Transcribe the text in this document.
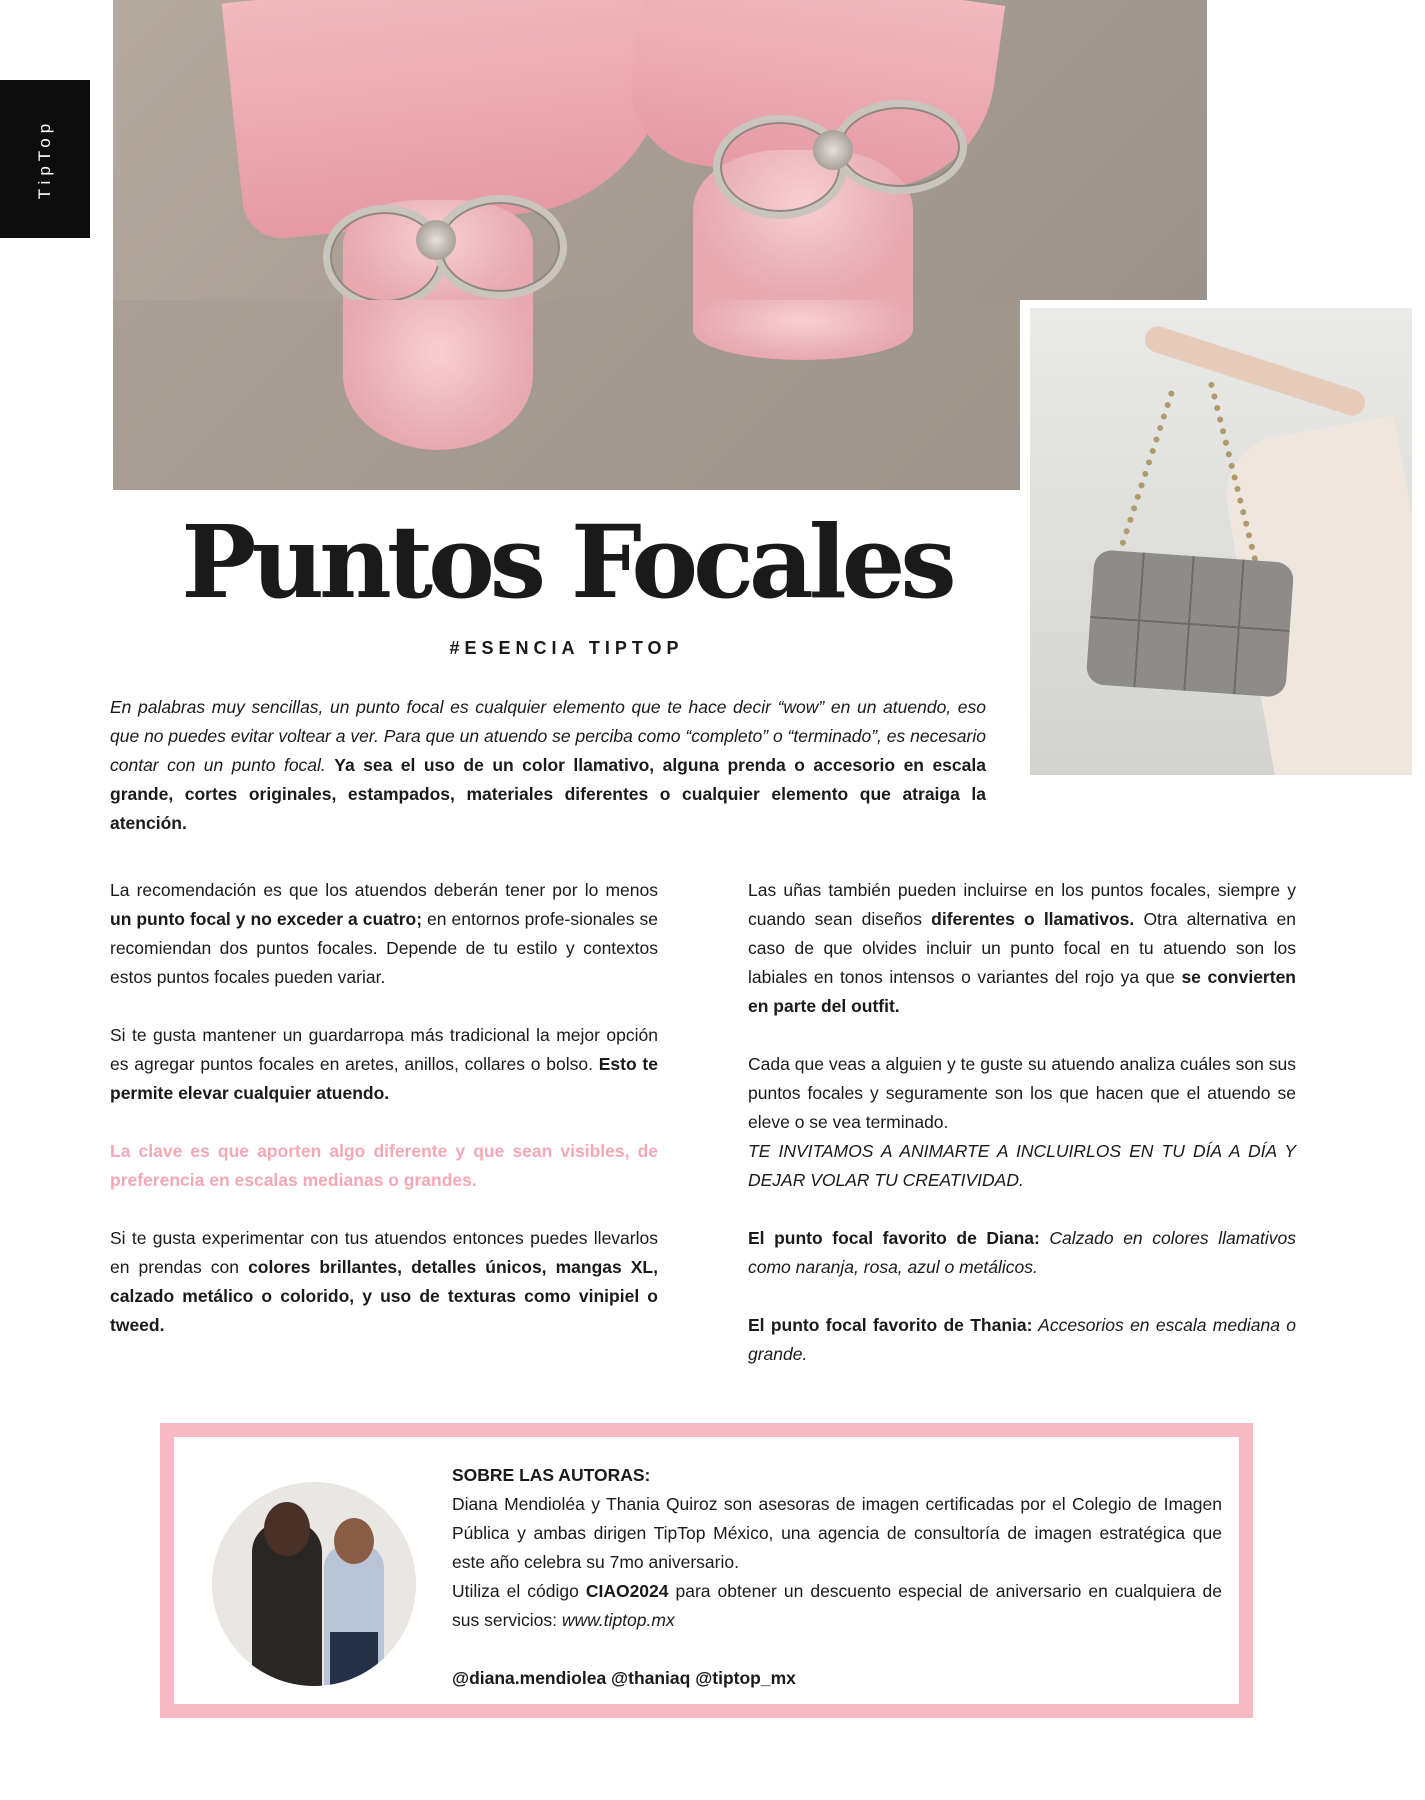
TipTop
Puntos Focales
#ESENCIA TIPTOP

En palabras muy sencillas, un punto focal es cualquier elemento que te hace decir “wow” en un atuendo, eso que no puedes evitar voltear a ver. Para que un atuendo se perciba como “completo” o “terminado”, es necesario contar con un punto focal. Ya sea el uso de un color llamativo, alguna prenda o accesorio en escala grande, cortes originales, estampados, materiales diferentes o cualquier elemento que atraiga la atención.

La recomendación es que los atuendos deberán tener por lo menos un punto focal y no exceder a cuatro; en entornos profe-sionales se recomiendan dos puntos focales. Depende de tu estilo y contextos estos puntos focales pueden variar.

Si te gusta mantener un guardarropa más tradicional la mejor opción es agregar puntos focales en aretes, anillos, collares o bolso. Esto te permite elevar cualquier atuendo.

La clave es que aporten algo diferente y que sean visibles, de preferencia en escalas medianas o grandes.

Si te gusta experimentar con tus atuendos entonces puedes llevarlos en prendas con colores brillantes, detalles únicos, mangas XL, calzado metálico o colorido, y uso de texturas como vinipiel o tweed.

Las uñas también pueden incluirse en los puntos focales, siempre y cuando sean diseños diferentes o llamativos. Otra alternativa en caso de que olvides incluir un punto focal en tu atuendo son los labiales en tonos intensos o variantes del rojo ya que se convierten en parte del outfit.

Cada que veas a alguien y te guste su atuendo analiza cuáles son sus puntos focales y seguramente son los que hacen que el atuendo se eleve o se vea terminado.
TE INVITAMOS A ANIMARTE A INCLUIRLOS EN TU DÍA A DÍA Y DEJAR VOLAR TU CREATIVIDAD.

El punto focal favorito de Diana: Calzado en colores llamativos como naranja, rosa, azul o metálicos.

El punto focal favorito de Thania: Accesorios en escala mediana o grande.

SOBRE LAS AUTORAS:
Diana Mendioléa y Thania Quiroz son asesoras de imagen certificadas por el Colegio de Imagen Pública y ambas dirigen TipTop México, una agencia de consultoría de imagen estratégica que este año celebra su 7mo aniversario.
Utiliza el código CIAO2024 para obtener un descuento especial de aniversario en cualquiera de sus servicios: www.tiptop.mx
@diana.mendiolea @thaniaq @tiptop_mx
